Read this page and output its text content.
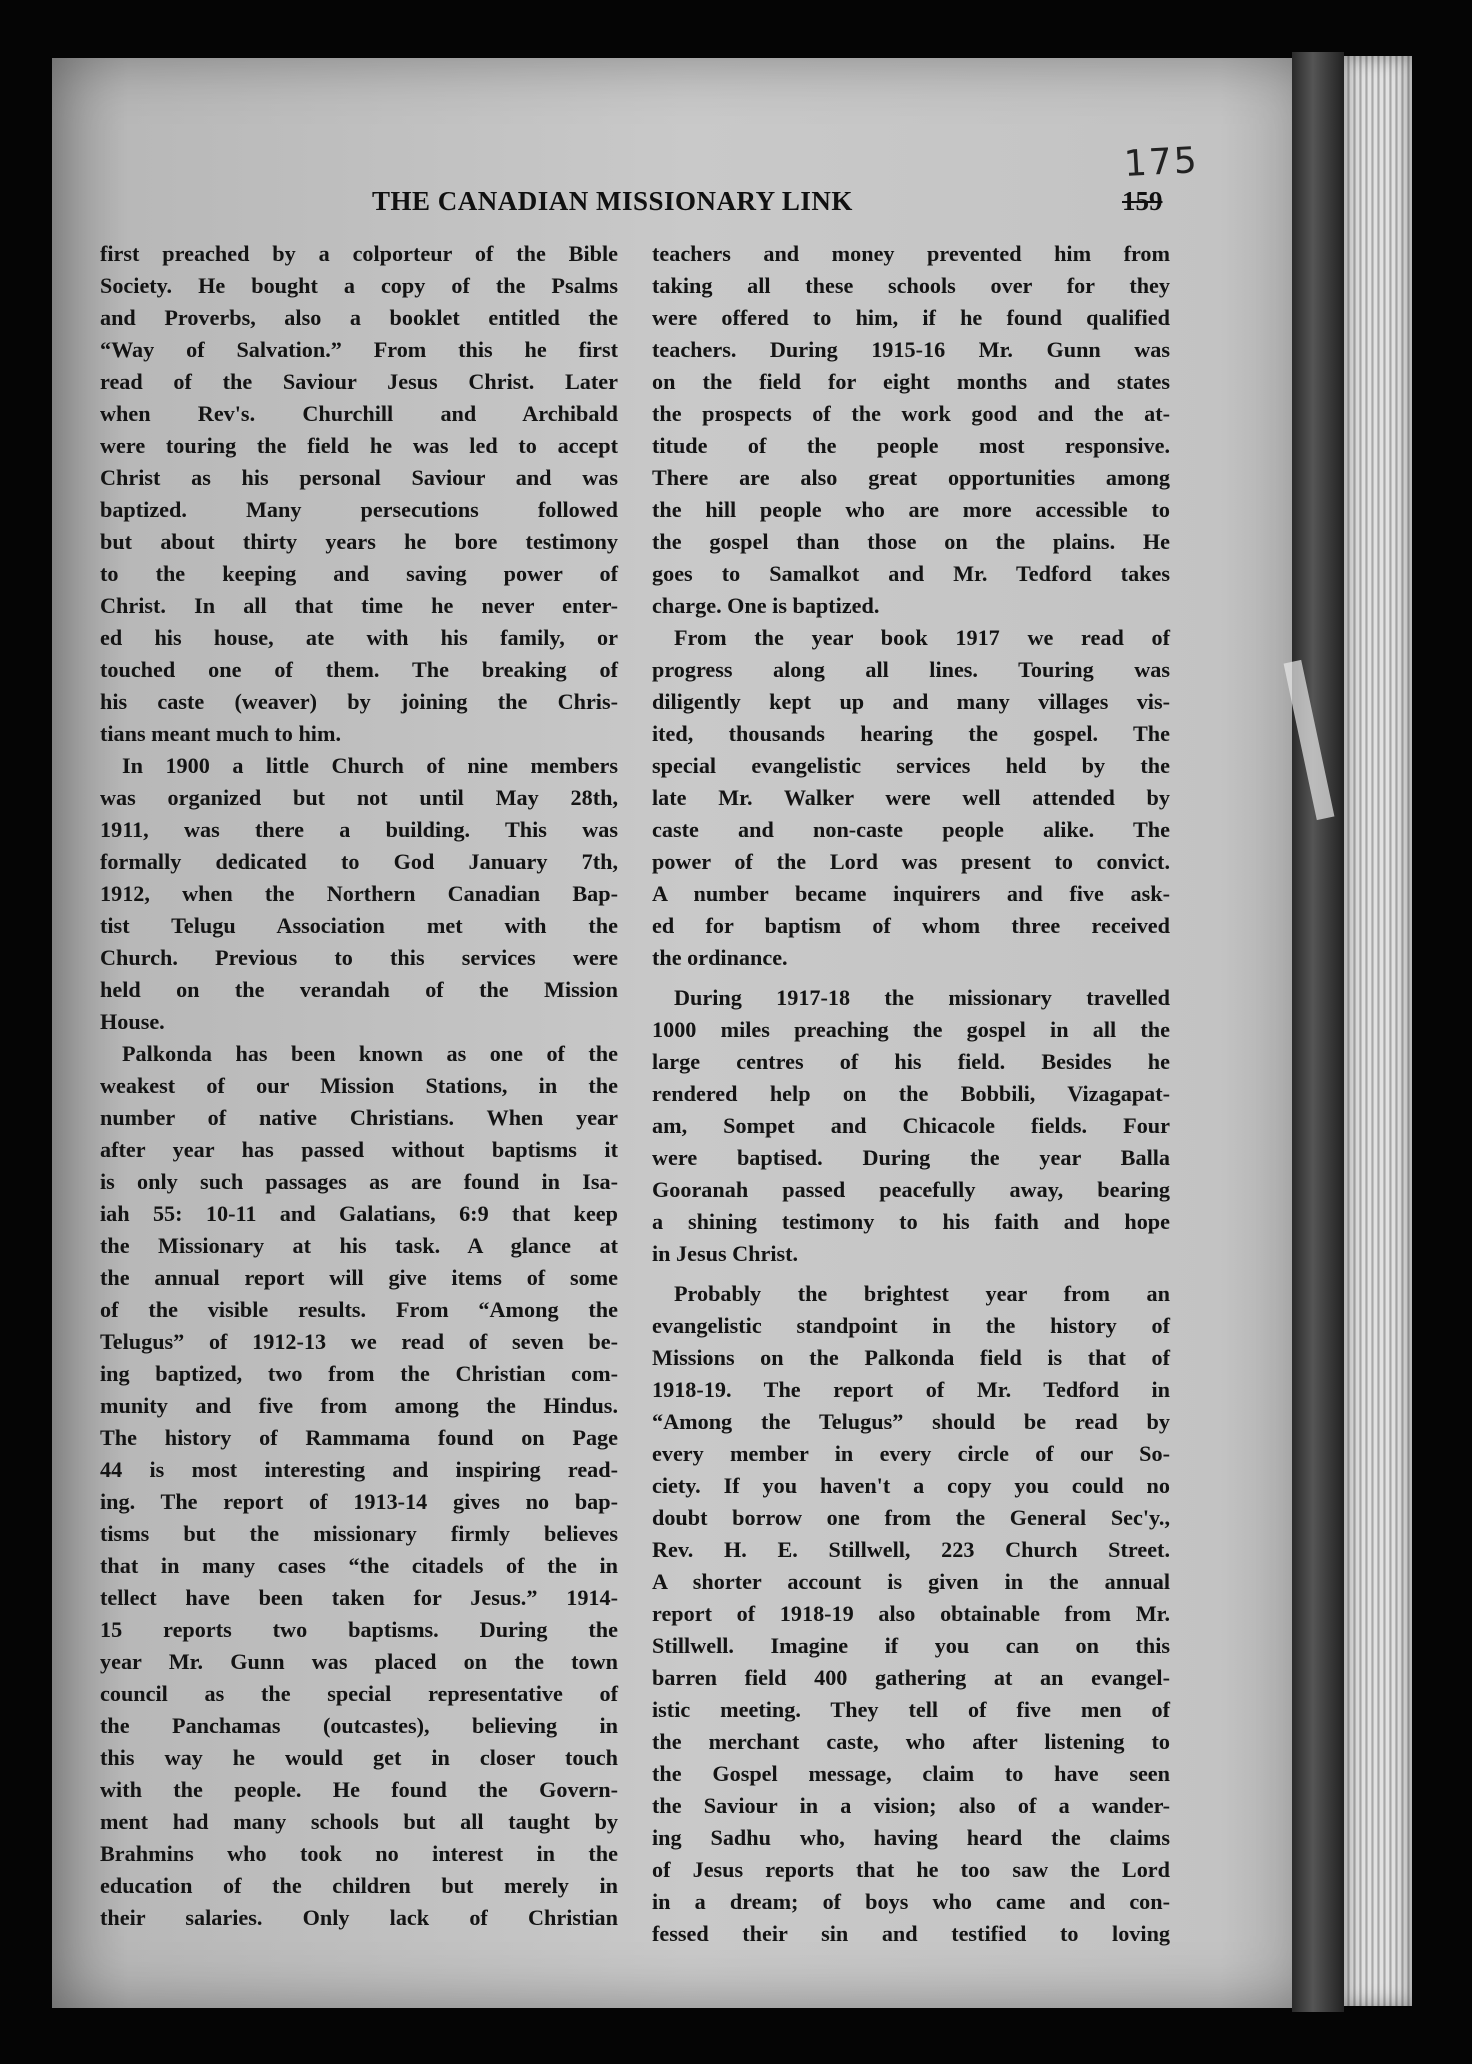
175
THE CANADIAN MISSIONARY LINK	159
first preached by a colporteur of the Bible
Society. He bought a copy of the Psalms
and Proverbs, also a booklet entitled the
“Way of Salvation.” From this he first
read of the Saviour Jesus Christ. Later
when Rev's. Churchill and Archibald
were touring the field he was led to accept
Christ as his personal Saviour and was
baptized. Many persecutions followed
but about thirty years he bore testimony
to the keeping and saving power of
Christ. In all that time he never enter-
ed his house, ate with his family, or
touched one of them. The breaking of
his caste (weaver) by joining the Chris-
tians meant much to him.
In 1900 a little Church of nine members
was organized but not until May 28th,
1911, was there a building. This was
formally dedicated to God January 7th,
1912, when the Northern Canadian Bap-
tist Telugu Association met with the
Church. Previous to this services were
held on the verandah of the Mission
House.
Palkonda has been known as one of the
weakest of our Mission Stations, in the
number of native Christians. When year
after year has passed without baptisms it
is only such passages as are found in Isa-
iah 55: 10-11 and Galatians, 6:9 that keep
the Missionary at his task. A glance at
the annual report will give items of some
of the visible results. From “Among the
Telugus” of 1912-13 we read of seven be-
ing baptized, two from the Christian com-
munity and five from among the Hindus.
The history of Rammama found on Page
44 is most interesting and inspiring read-
ing. The report of 1913-14 gives no bap-
tisms but the missionary firmly believes
that in many cases “the citadels of the in
tellect have been taken for Jesus.” 1914-
15 reports two baptisms. During the
year Mr. Gunn was placed on the town
council as the special representative of
the Panchamas (outcastes), believing in
this way he would get in closer touch
with the people. He found the Govern-
ment had many schools but all taught by
Brahmins who took no interest in the
education of the children but merely in
their salaries. Only lack of Christian
teachers and money prevented him from
taking all these schools over for they
were offered to him, if he found qualified
teachers. During 1915-16 Mr. Gunn was
on the field for eight months and states
the prospects of the work good and the at-
titude of the people most responsive.
There are also great opportunities among
the hill people who are more accessible to
the gospel than those on the plains. He
goes to Samalkot and Mr. Tedford takes
charge. One is baptized.
From the year book 1917 we read of
progress along all lines. Touring was
diligently kept up and many villages vis-
ited, thousands hearing the gospel. The
special evangelistic services held by the
late Mr. Walker were well attended by
caste and non-caste people alike. The
power of the Lord was present to convict.
A number became inquirers and five ask-
ed for baptism of whom three received
the ordinance.
During 1917-18 the missionary travelled
1000 miles preaching the gospel in all the
large centres of his field. Besides he
rendered help on the Bobbili, Vizagapat-
am, Sompet and Chicacole fields. Four
were baptised. During the year Balla
Gooranah passed peacefully away, bearing
a shining testimony to his faith and hope
in Jesus Christ.
Probably the brightest year from an
evangelistic standpoint in the history of
Missions on the Palkonda field is that of
1918-19. The report of Mr. Tedford in
“Among the Telugus” should be read by
every member in every circle of our So-
ciety. If you haven't a copy you could no
doubt borrow one from the General Sec'y.,
Rev. H. E. Stillwell, 223 Church Street.
A shorter account is given in the annual
report of 1918-19 also obtainable from Mr.
Stillwell. Imagine if you can on this
barren field 400 gathering at an evangel-
istic meeting. They tell of five men of
the merchant caste, who after listening to
the Gospel message, claim to have seen
the Saviour in a vision; also of a wander-
ing Sadhu who, having heard the claims
of Jesus reports that he too saw the Lord
in a dream; of boys who came and con-
fessed their sin and testified to loving
